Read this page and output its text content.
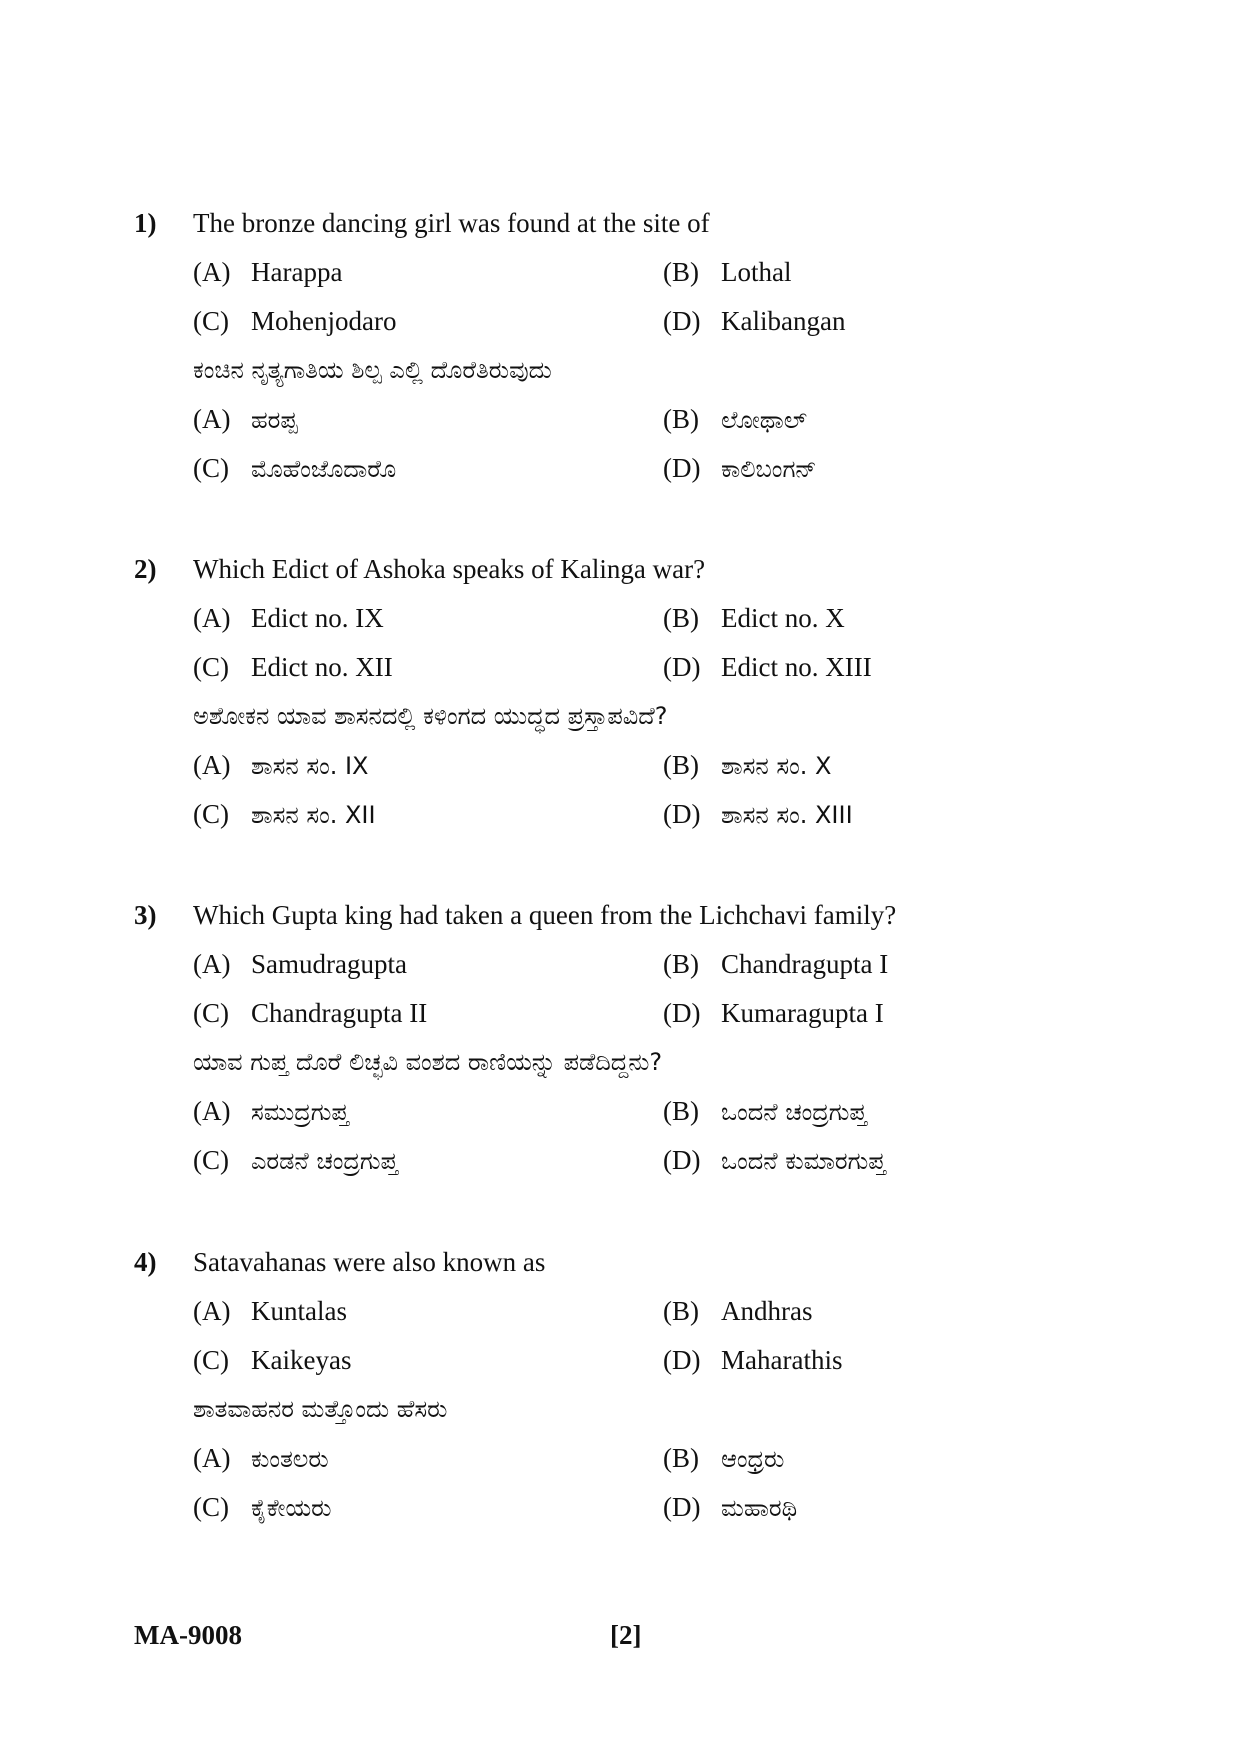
1) The bronze dancing girl was found at the site of
(A) Harappa	(B) Lothal
(C) Mohenjodaro	(D) Kalibangan
ಕಂಚಿನ ನೃತ್ಯಗಾತಿಯ ಶಿಲ್ಪ ಎಲ್ಲಿ ದೊರೆತಿರುವುದು
(A) ಹರಪ್ಪ	(B) ಲೋಥಾಲ್
(C) ಮೊಹೆಂಜೊದಾರೊ	(D) ಕಾಲಿಬಂಗನ್
2) Which Edict of Ashoka speaks of Kalinga war?
(A) Edict no. IX	(B) Edict no. X
(C) Edict no. XII	(D) Edict no. XIII
ಅಶೋಕನ ಯಾವ ಶಾಸನದಲ್ಲಿ ಕಳಿಂಗದ ಯುದ್ಧದ ಪ್ರಸ್ತಾಪವಿದೆ?
(A) ಶಾಸನ ಸಂ. IX	(B) ಶಾಸನ ಸಂ. X
(C) ಶಾಸನ ಸಂ. XII	(D) ಶಾಸನ ಸಂ. XIII
3) Which Gupta king had taken a queen from the Lichchavi family?
(A) Samudragupta	(B) Chandragupta I
(C) Chandragupta II	(D) Kumaragupta I
ಯಾವ ಗುಪ್ತ ದೊರೆ ಲಿಚ್ಛವಿ ವಂಶದ ರಾಣಿಯನ್ನು ಪಡೆದಿದ್ದನು?
(A) ಸಮುದ್ರಗುಪ್ತ	(B) ಒಂದನೆ ಚಂದ್ರಗುಪ್ತ
(C) ಎರಡನೆ ಚಂದ್ರಗುಪ್ತ	(D) ಒಂದನೆ ಕುಮಾರಗುಪ್ತ
4) Satavahanas were also known as
(A) Kuntalas	(B) Andhras
(C) Kaikeyas	(D) Maharathis
ಶಾತವಾಹನರ ಮತ್ತೊಂದು ಹೆಸರು
(A) ಕುಂತಲರು	(B) ಆಂಧ್ರರು
(C) ಕೈಕೇಯರು	(D) ಮಹಾರಥಿ
MA-9008	[2]
